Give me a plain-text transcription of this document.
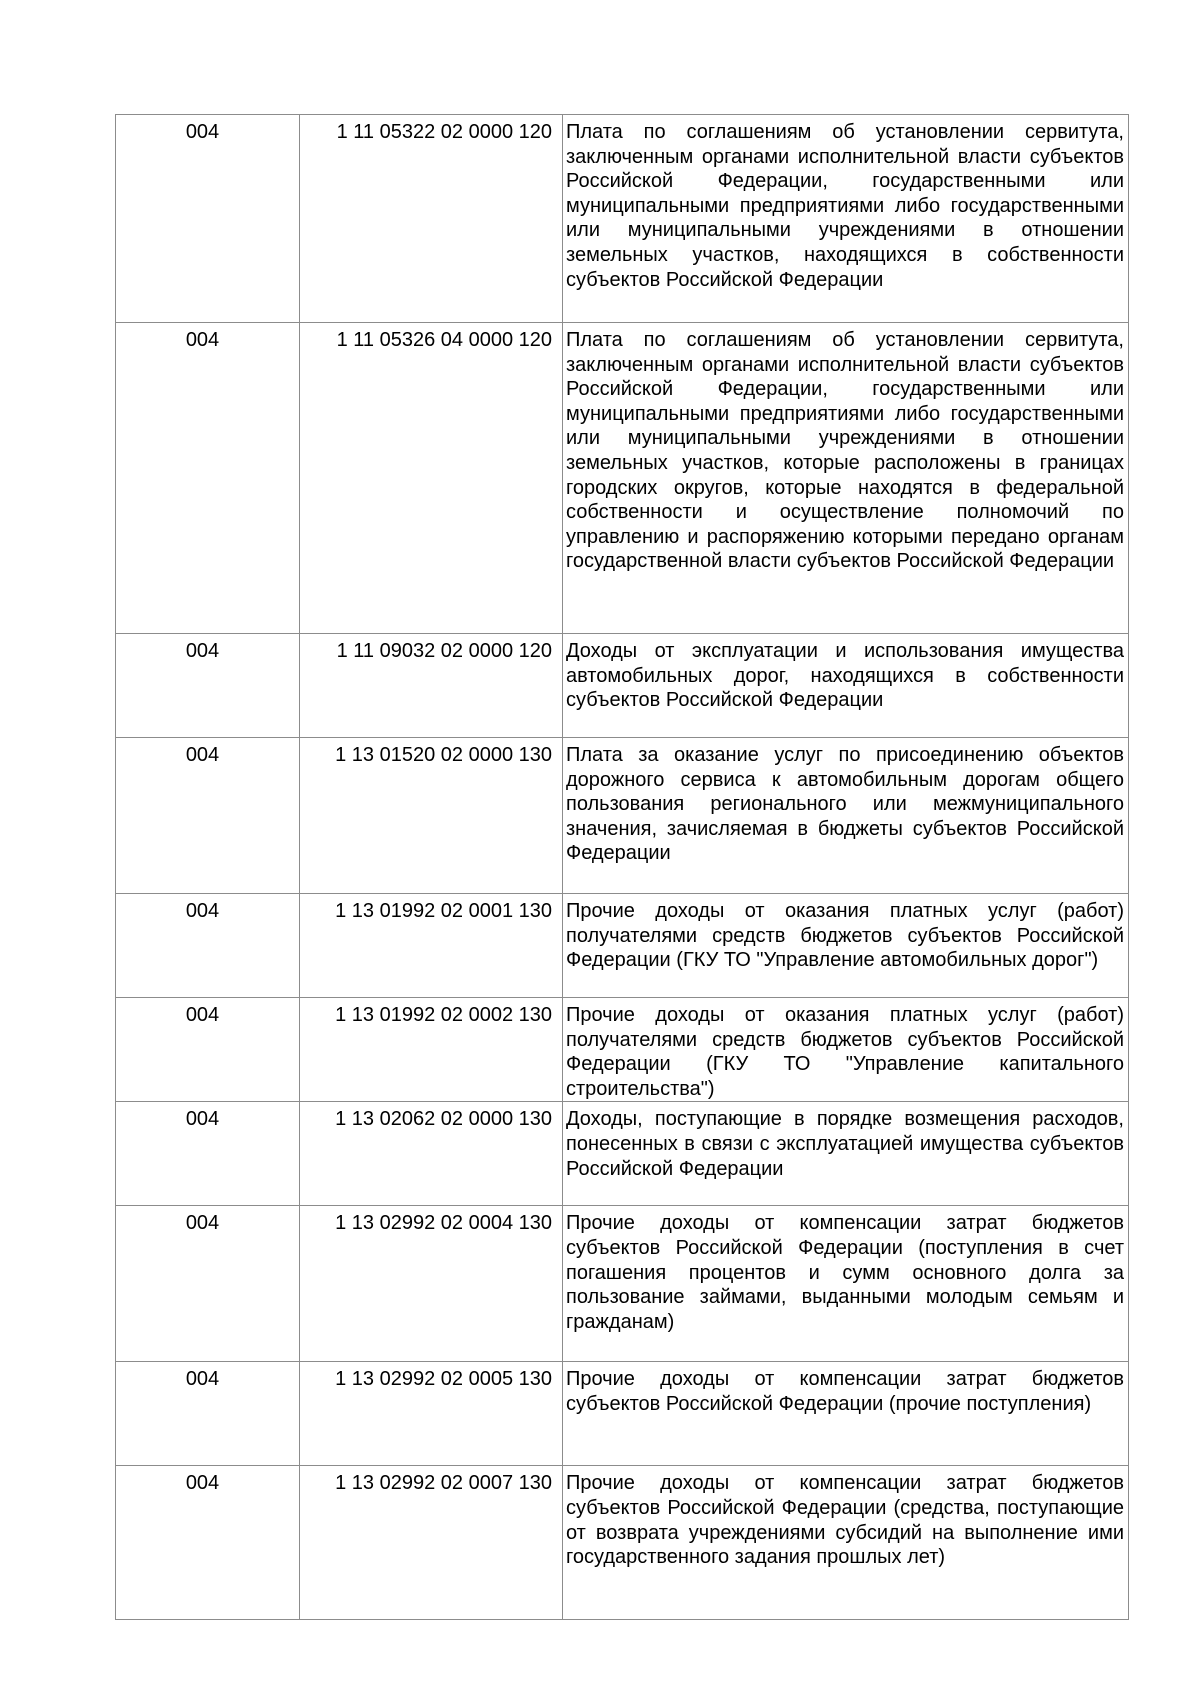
004	1 11 05322 02 0000 120	Плата по соглашениям об установлении сервитута, заключенным органами исполнительной власти субъектов Российской Федерации, государственными или муниципальными предприятиями либо государственными или муниципальными учреждениями в отношении земельных участков, находящихся в собственности субъектов Российской Федерации

004	1 11 05326 04 0000 120	Плата по соглашениям об установлении сервитута, заключенным органами исполнительной власти субъектов Российской Федерации, государственными или муниципальными предприятиями либо государственными или муниципальными учреждениями в отношении земельных участков, которые расположены в границах городских округов, которые находятся в федеральной собственности и осуществление полномочий по управлению и распоряжению которыми передано органам государственной власти субъектов Российской Федерации

004	1 11 09032 02 0000 120	Доходы от эксплуатации и использования имущества автомобильных дорог, находящихся в собственности субъектов Российской Федерации

004	1 13 01520 02 0000 130	Плата за оказание услуг по присоединению объектов дорожного сервиса к автомобильным дорогам общего пользования регионального или межмуниципального значения, зачисляемая в бюджеты субъектов Российской Федерации

004	1 13 01992 02 0001 130	Прочие доходы от оказания платных услуг (работ) получателями средств бюджетов субъектов Российской Федерации (ГКУ ТО "Управление автомобильных дорог")

004	1 13 01992 02 0002 130	Прочие доходы от оказания платных услуг (работ) получателями средств бюджетов субъектов Российской Федерации (ГКУ ТО "Управление капитального строительства")

004	1 13 02062 02 0000 130	Доходы, поступающие в порядке возмещения расходов, понесенных в связи с эксплуатацией имущества субъектов Российской Федерации

004	1 13 02992 02 0004 130	Прочие доходы от компенсации затрат бюджетов субъектов Российской Федерации (поступления в счет погашения процентов и сумм основного долга за пользование займами, выданными молодым семьям и гражданам)

004	1 13 02992 02 0005 130	Прочие доходы от компенсации затрат бюджетов субъектов Российской Федерации (прочие поступления)

004	1 13 02992 02 0007 130	Прочие доходы от компенсации затрат бюджетов субъектов Российской Федерации (средства, поступающие от возврата учреждениями субсидий на выполнение ими государственного задания прошлых лет)
